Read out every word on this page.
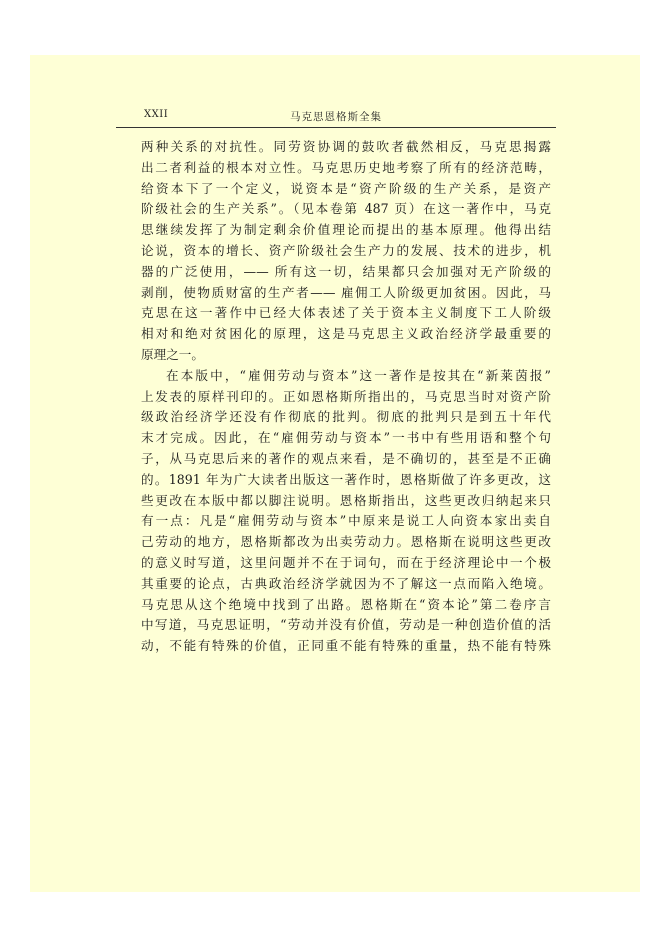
XXII	马克思恩格斯全集
两种关系的对抗性。同劳资协调的鼓吹者截然相反，马克思揭露
出二者利益的根本对立性。马克思历史地考察了所有的经济范畴，
给资本下了一个定义，说资本是“资产阶级的生产关系，是资产
阶级社会的生产关系”。（见本卷第 487 页）在这一著作中，马克
思继续发挥了为制定剩余价值理论而提出的基本原理。他得出结
论说，资本的增长、资产阶级社会生产力的发展、技术的进步，机
器的广泛使用，—— 所有这一切，结果都只会加强对无产阶级的
剥削，使物质财富的生产者—— 雇佣工人阶级更加贫困。因此，马
克思在这一著作中已经大体表述了关于资本主义制度下工人阶级
相对和绝对贫困化的原理，这是马克思主义政治经济学最重要的
原理之一。
在本版中，“雇佣劳动与资本”这一著作是按其在“新莱茵报”
上发表的原样刊印的。正如恩格斯所指出的，马克思当时对资产阶
级政治经济学还没有作彻底的批判。彻底的批判只是到五十年代
末才完成。因此，在“雇佣劳动与资本”一书中有些用语和整个句
子，从马克思后来的著作的观点来看，是不确切的，甚至是不正确
的。1891 年为广大读者出版这一著作时，恩格斯做了许多更改，这
些更改在本版中都以脚注说明。恩格斯指出，这些更改归纳起来只
有一点：凡是“雇佣劳动与资本”中原来是说工人向资本家出卖自
己劳动的地方，恩格斯都改为出卖劳动力。恩格斯在说明这些更改
的意义时写道，这里问题并不在于词句，而在于经济理论中一个极
其重要的论点，古典政治经济学就因为不了解这一点而陷入绝境。
马克思从这个绝境中找到了出路。恩格斯在“资本论”第二卷序言
中写道，马克思证明，“劳动并没有价值，劳动是一种创造价值的活
动，不能有特殊的价值，正同重不能有特殊的重量，热不能有特殊
